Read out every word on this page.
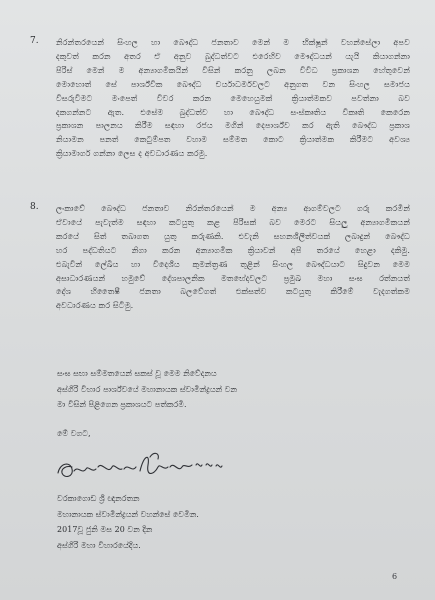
7. නිරන්තරයෙන් සිංහල හා බෞද්ධ ජනතාව මෙන් ම භික්ෂූන් වහන්සේලා අපව
දකුවත් කරන අතර ඒ අනුව බුද්ධත්වට එරෙහිව මෞද්ධයන් යැයි කියාගන්නා
පිරිස් මෙන් ම අන්‍යාගමිකයින් විසින් කරනු ලබන විවිධ ප්‍රකාශන හේතුවෙන්
මොහොත් සේ පාර්ශ්වික බෞද්ධ චර්යාධර්මවලට අනුගත වන සිංහල සමාජය
විසරුවිමට මංපෙත් විවර කරන මෙහෙයුමක් ක්‍රියාත්මකව පවත්නා බව
දකගන්නට ඇත. එසේම බුද්ධත්ව හා බෞද්ධ සංස්කෘතිය විකෘති කෙරෙන
ප්‍රකාශන පාලනය කිරීම සඳහා රජය මගින් දෙපාර්ශ්ව කර ඇති බෞද්ධ ප්‍රකාශ
නියාමන පනත් කෙටුම්පත වහාම සම්මත කොට ක්‍රියාත්මක කිරීමට අවශ්‍ය
ක්‍රියාමාර්ග ගන්නා ලෙස ද අවධාරණය කරමු.
8. ලංකාවේ බෞද්ධ ජනතාව නිරන්තරයෙන් ම අන්‍ය ආගම්වලට ගරු කරමින්
ඒවායේ පැවැත්ම සඳහා කටයුතු කළ පිරිසක් බව මෙරට සියලු අන්‍යාගමිකයන්
කරයේ සිත් තබාගත යුතු කරුණකි. එවැනි සහනශීලීත්වයක් ලබාදුන් බෞද්ධ
හර පද්ධතියට නිගා කරන අන්‍යාගමික ක්‍රියාවන් අපි තරයේ හෙළා දකිමු.
එබැවින් ලේඛිය හා විදෙශීය කුමන්ත්‍රණ තුළින් සිංහල බෞද්ධයාට සිදුවන මෙම
අසාධාරණයන් හමුවේ දේශපාලනික මතභේදවලට ප්‍රමුඛ මහා සංඝ රත්නයත්
දේශ හිතෛෂී ජනතා බලවේගත් එක්සත්ව කටයුතු කිරීමේ වැදගත්කම
අවධාරණය කර සිටිමු.
සංඝ සභා සම්මතයෙන් සකස් වූ මෙම නිවේදනය
අස්ගිරි විහාර පාර්ශ්වයේ මහානායක ස්වාමීන්ද්‍රයන් වන
මා විසින් පිළිගෙන ප්‍රකාශයට පත්කරමි.
මේ වගට,
වරකාගොඩ ශ්‍රී ඥානරතන
මහානායක ස්වාමීන්ද්‍රයන් වහන්සේ වෙමින.
2017වූ ජුනි මස 20 වන දින
අස්ගිරි මහා විහාරයේදිය.
6
